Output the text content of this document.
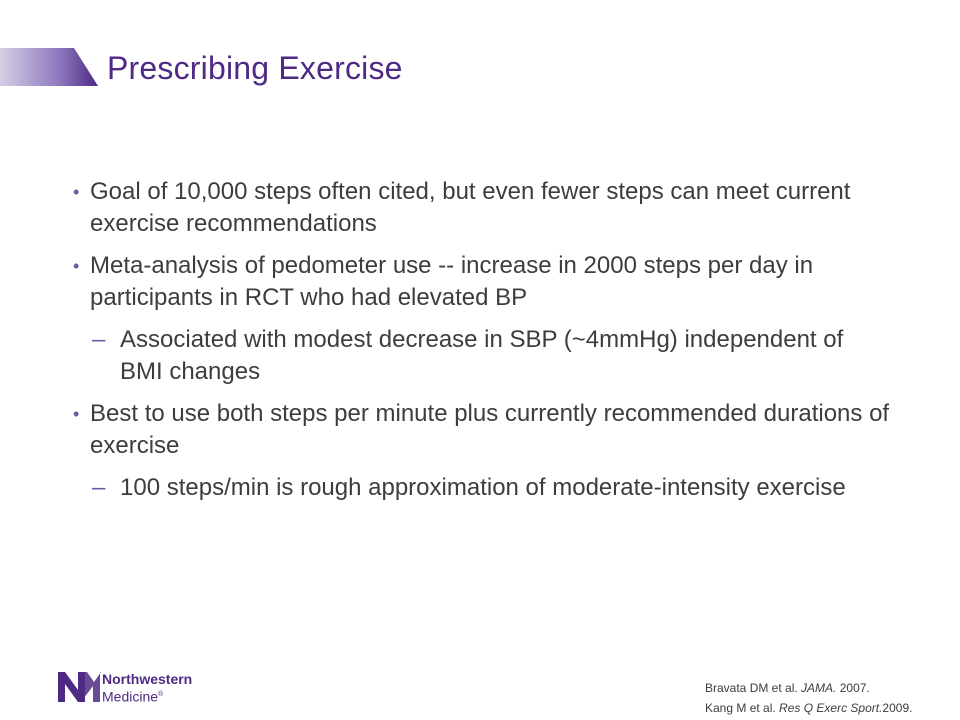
Prescribing Exercise
• Goal of 10,000 steps often cited, but even fewer steps can meet current exercise recommendations
• Meta-analysis of pedometer use -- increase in 2000 steps per day in participants in RCT who had elevated BP
– Associated with modest decrease in SBP (~4mmHg) independent of BMI changes
• Best to use both steps per minute plus currently recommended durations of exercise
– 100 steps/min is rough approximation of moderate-intensity exercise
Northwestern
Medicine®	Bravata DM et al. JAMA. 2007.
Kang M et al. Res Q Exerc Sport.2009.
